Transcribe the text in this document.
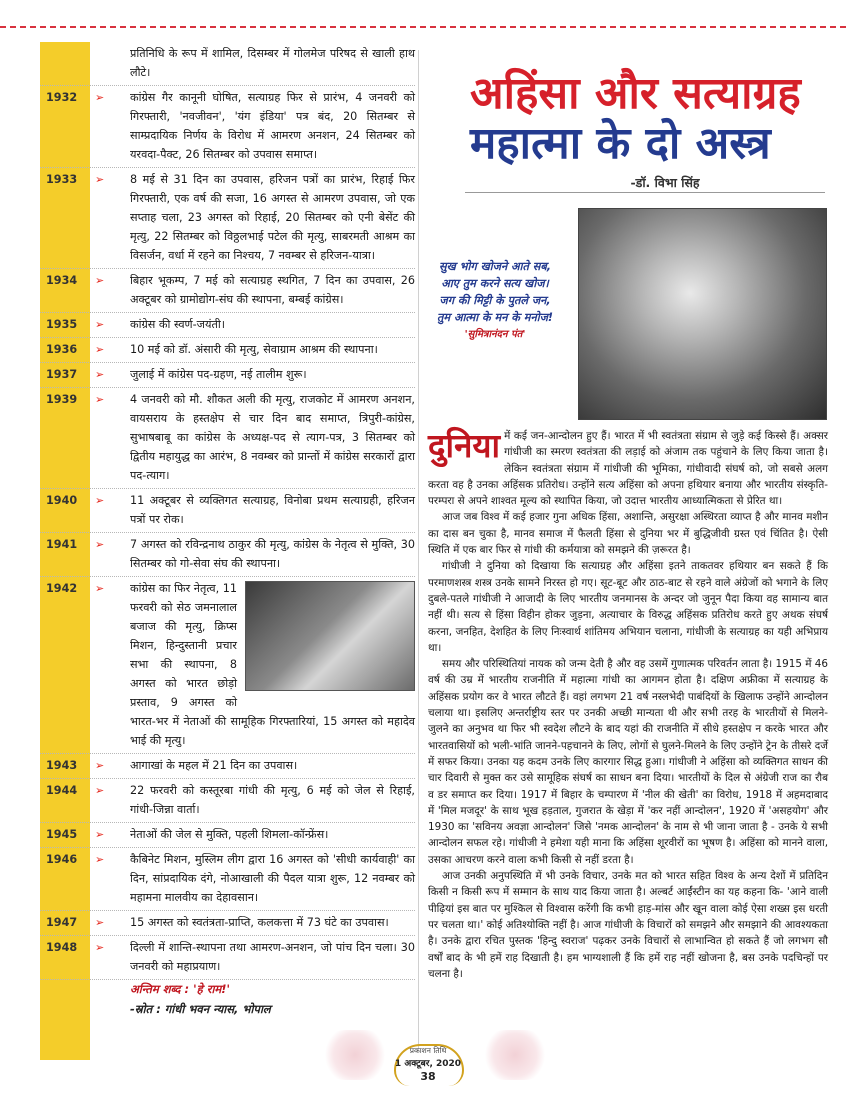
प्रतिनिधि के रूप में शामिल, दिसम्बर में गोलमेज परिषद से खाली हाथ लौटे।
1932	➢	कांग्रेस गैर कानूनी घोषित, सत्याग्रह फिर से प्रारंभ, 4 जनवरी को गिरफ्तारी, 'नवजीवन', 'यंग इंडिया' पत्र बंद, 20 सितम्बर से साम्प्रदायिक निर्णय के विरोध में आमरण अनशन, 24 सितम्बर को यरवदा-पैक्ट, 26 सितम्बर को उपवास समाप्त।
1933	➢	8 मई से 31 दिन का उपवास, हरिजन पत्रों का प्रारंभ, रिहाई फिर गिरफ्तारी, एक वर्ष की सजा, 16 अगस्त से आमरण उपवास, जो एक सप्ताह चला, 23 अगस्त को रिहाई, 20 सितम्बर को एनी बेसेंट की मृत्यु, 22 सितम्बर को विठ्ठलभाई पटेल की मृत्यु, साबरमती आश्रम का विसर्जन, वर्धा में रहने का निश्चय, 7 नवम्बर से हरिजन-यात्रा।
1934	➢	बिहार भूकम्प, 7 मई को सत्याग्रह स्थगित, 7 दिन का उपवास, 26 अक्टूबर को ग्रामोद्योग-संघ की स्थापना, बम्बई कांग्रेस।
1935	➢	कांग्रेस की स्वर्ण-जयंती।
1936	➢	10 मई को डॉ. अंसारी की मृत्यु, सेवाग्राम आश्रम की स्थापना।
1937	➢	जुलाई में कांग्रेस पद-ग्रहण, नई तालीम शुरू।
1939	➢	4 जनवरी को मौ. शौकत अली की मृत्यु, राजकोट में आमरण अनशन, वायसराय के हस्तक्षेप से चार दिन बाद समाप्त, त्रिपुरी-कांग्रेस, सुभाषबाबू का कांग्रेस के अध्यक्ष-पद से त्याग-पत्र, 3 सितम्बर को द्वितीय महायुद्ध का आरंभ, 8 नवम्बर को प्रान्तों में कांग्रेस सरकारों द्वारा पद-त्याग।
1940	➢	11 अक्टूबर से व्यक्तिगत सत्याग्रह, विनोबा प्रथम सत्याग्रही, हरिजन पत्रों पर रोक।
1941	➢	7 अगस्त को रविन्द्रनाथ ठाकुर की मृत्यु, कांग्रेस के नेतृत्व से मुक्ति, 30 सितम्बर को गो-सेवा संघ की स्थापना।
1942	➢	कांग्रेस का फिर नेतृत्व, 11 फरवरी को सेठ जमनालाल बजाज की मृत्यु, क्रिप्स मिशन, हिन्दुस्तानी प्रचार सभा की स्थापना, 8 अगस्त को भारत छोड़ो प्रस्ताव, 9 अगस्त को भारत-भर में नेताओं की सामूहिक गिरफ्तारियां, 15 अगस्त को महादेव भाई की मृत्यु।
1943	➢	आगाखां के महल में 21 दिन का उपवास।
1944	➢	22 फरवरी को कस्तूरबा गांधी की मृत्यु, 6 मई को जेल से रिहाई, गांधी-जिन्ना वार्ता।
1945	➢	नेताओं की जेल से मुक्ति, पहली शिमला-कॉन्फ्रेंस।
1946	➢	कैबिनेट मिशन, मुस्लिम लीग द्वारा 16 अगस्त को 'सीधी कार्यवाही' का दिन, सांप्रदायिक दंगे, नोआखाली की पैदल यात्रा शुरू, 12 नवम्बर को महामना मालवीय का देहावसान।
1947	➢	15 अगस्त को स्वतंत्रता-प्राप्ति, कलकत्ता में 73 घंटे का उपवास।
1948	➢	दिल्ली में शान्ति-स्थापना तथा आमरण-अनशन, जो पांच दिन चला। 30 जनवरी को महाप्रयाण।
अन्तिम शब्द : 'हे राम!'
-स्रोत : गांधी भवन न्यास, भोपाल
अहिंसा और सत्याग्रह
महात्मा के दो अस्त्र
-डॉ. विभा सिंह
सुख भोग खोजने आते सब,
आए तुम करने सत्य खोज।
जग की मिट्टी के पुतले जन,
तुम आत्मा के मन के मनोज!
'सुमित्रानंदन पंत'

दुनिया में कई जन-आन्दोलन हुए हैं। भारत में भी स्वतंत्रता संग्राम से जुड़े कई किस्से हैं। अक्सर गांधीजी का स्मरण स्वतंत्रता की लड़ाई को अंजाम तक पहुंचाने के लिए किया जाता है। लेकिन स्वतंत्रता संग्राम में गांधीजी की भूमिका, गांधीवादी संघर्ष को, जो सबसे अलग करता वह है उनका अहिंसक प्रतिरोध। उन्होंने सत्य अहिंसा को अपना हथियार बनाया और भारतीय संस्कृति-परम्परा से अपने शाश्वत मूल्य को स्थापित किया, जो उदात्त भारतीय आध्यात्मिकता से प्रेरित था।

आज जब विश्व में कई हजार गुना अधिक हिंसा, अशान्ति, असुरक्षा अस्थिरता व्याप्त है और मानव मशीन का दास बन चुका है, मानव समाज में फैलती हिंसा से दुनिया भर में बुद्धिजीवी ग्रस्त एवं चिंतित है। ऐसी स्थिति में एक बार फिर से गांधी की कर्मयात्रा को समझने की ज़रूरत है।

गांधीजी ने दुनिया को दिखाया कि सत्याग्रह और अहिंसा इतने ताकतवर हथियार बन सकते हैं कि परमाणशस्त्र शस्त्र उनके सामने निरस्त हो गए। सूट-बूट और ठाठ-बाट से रहने वाले अंग्रेजों को भगाने के लिए दुबले-पतले गांधीजी ने आजादी के लिए भारतीय जनमानस के अन्दर जो जुनून पैदा किया वह सामान्य बात नहीं थी। सत्य से हिंसा विहीन होकर जुड़ना, अत्याचार के विरुद्ध अहिंसक प्रतिरोध करते हुए अथक संघर्ष करना, जनहित, देशहित के लिए निःस्वार्थ शांतिमय अभियान चलाना, गांधीजी के सत्याग्रह का यही अभिप्राय था।

समय और परिस्थितियां नायक को जन्म देती है और वह उसमें गुणात्मक परिवर्तन लाता है। 1915 में 46 वर्ष की उम्र में भारतीय राजनीति में महात्मा गांधी का आगमन होता है। दक्षिण अफ्रीका में सत्याग्रह के अहिंसक प्रयोग कर वे भारत लौटते हैं। वहां लगभग 21 वर्ष नस्लभेदी पाबंदियों के खिलाफ उन्होंने आन्दोलन चलाया था। इसलिए अन्तर्राष्ट्रीय स्तर पर उनकी अच्छी मान्यता थी और सभी तरह के भारतीयों से मिलने-जुलने का अनुभव था फिर भी स्वदेश लौटने के बाद यहां की राजनीति में सीधे हस्तक्षेप न करके भारत और भारतवासियों को भली-भांति जानने-पहचानने के लिए, लोगों से घुलने-मिलने के लिए उन्होंने ट्रेन के तीसरे दर्जे में सफर किया। उनका यह कदम उनके लिए कारगार सिद्ध हुआ। गांधीजी ने अहिंसा को व्यक्तिगत साधन की चार दिवारी से मुक्त कर उसे सामूहिक संघर्ष का साधन बना दिया। भारतीयों के दिल से अंग्रेजी राज का रौब व डर समाप्त कर दिया। 1917 में बिहार के चम्पारण में 'नील की खेती' का विरोध, 1918 में अहमदाबाद में 'मिल मजदूर' के साथ भूख हड़ताल, गुजरात के खेड़ा में 'कर नहीं आन्दोलन', 1920 में 'असहयोग' और 1930 का 'सविनय अवज्ञा आन्दोलन' जिसे 'नमक आन्दोलन' के नाम से भी जाना जाता है - उनके ये सभी आन्दोलन सफल रहे। गांधीजी ने हमेशा यही माना कि अहिंसा शूरवीरों का भूषण है। अहिंसा को मानने वाला, उसका आचरण करने वाला कभी किसी से नहीं डरता है।

आज उनकी अनुपस्थिति में भी उनके विचार, उनके मत को भारत सहित विश्व के अन्य देशों में प्रतिदिन किसी न किसी रूप में सम्मान के साथ याद किया जाता है। अल्बर्ट आईंस्टीन का यह कहना कि- 'आने वाली पीढ़ियां इस बात पर मुश्किल से विश्वास करेंगी कि कभी हाड़-मांस और खून वाला कोई ऐसा शख्स इस धरती पर चलता था।' कोई अतिश्योक्ति नहीं है। आज गांधीजी के विचारों को समझने और समझाने की आवश्यकता है। उनके द्वारा रचित पुस्तक 'हिन्दु स्वराज' पढ़कर उनके विचारों से लाभान्वित हो सकते हैं जो लगभग सौ वर्षों बाद के भी हमें राह दिखाती है। हम भाग्यशाली हैं कि हमें राह नहीं खोजना है, बस उनके पदचिन्हों पर चलना है।

प्रकाशन तिथि
1 अक्टूबर, 2020
38
